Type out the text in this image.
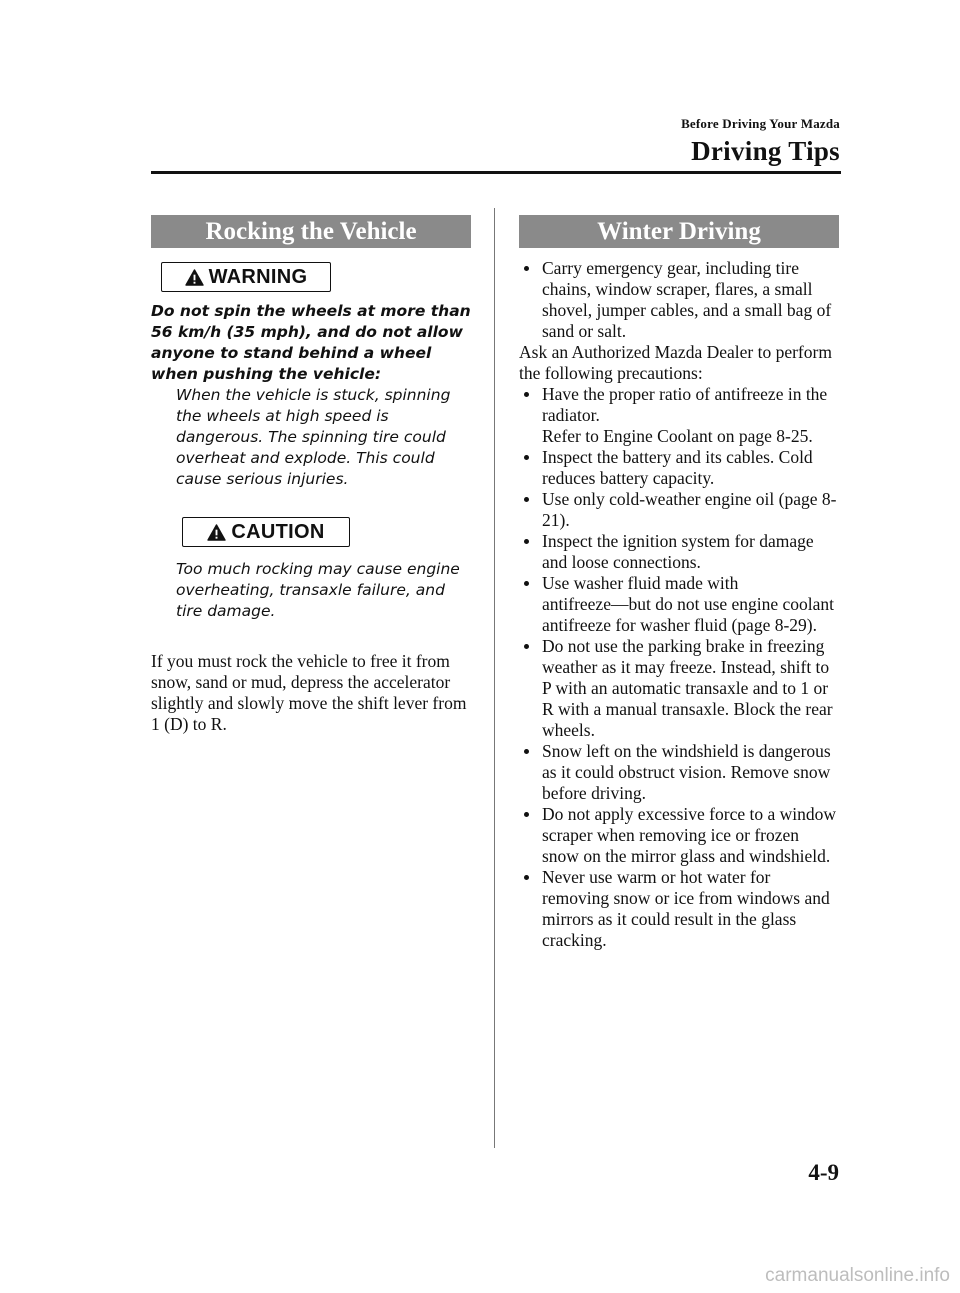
Before Driving Your Mazda
Driving Tips
Rocking the Vehicle
WARNING
Do not spin the wheels at more than 56 km/h (35 mph), and do not allow anyone to stand behind a wheel when pushing the vehicle:
When the vehicle is stuck, spinning the wheels at high speed is dangerous. The spinning tire could overheat and explode. This could cause serious injuries.
CAUTION
Too much rocking may cause engine overheating, transaxle failure, and tire damage.
If you must rock the vehicle to free it from snow, sand or mud, depress the accelerator slightly and slowly move the shift lever from 1 (D) to R.
Winter Driving
Carry emergency gear, including tire chains, window scraper, flares, a small shovel, jumper cables, and a small bag of sand or salt.
Ask an Authorized Mazda Dealer to perform the following precautions:
Have the proper ratio of antifreeze in the radiator.
Refer to Engine Coolant on page 8-25.
Inspect the battery and its cables. Cold reduces battery capacity.
Use only cold-weather engine oil (page 8-21).
Inspect the ignition system for damage and loose connections.
Use washer fluid made with antifreeze―but do not use engine coolant antifreeze for washer fluid (page 8-29).
Do not use the parking brake in freezing weather as it may freeze. Instead, shift to P with an automatic transaxle and to 1 or R with a manual transaxle. Block the rear wheels.
Snow left on the windshield is dangerous as it could obstruct vision. Remove snow before driving.
Do not apply excessive force to a window scraper when removing ice or frozen snow on the mirror glass and windshield.
Never use warm or hot water for removing snow or ice from windows and mirrors as it could result in the glass cracking.
4-9
carmanualsonline.info
